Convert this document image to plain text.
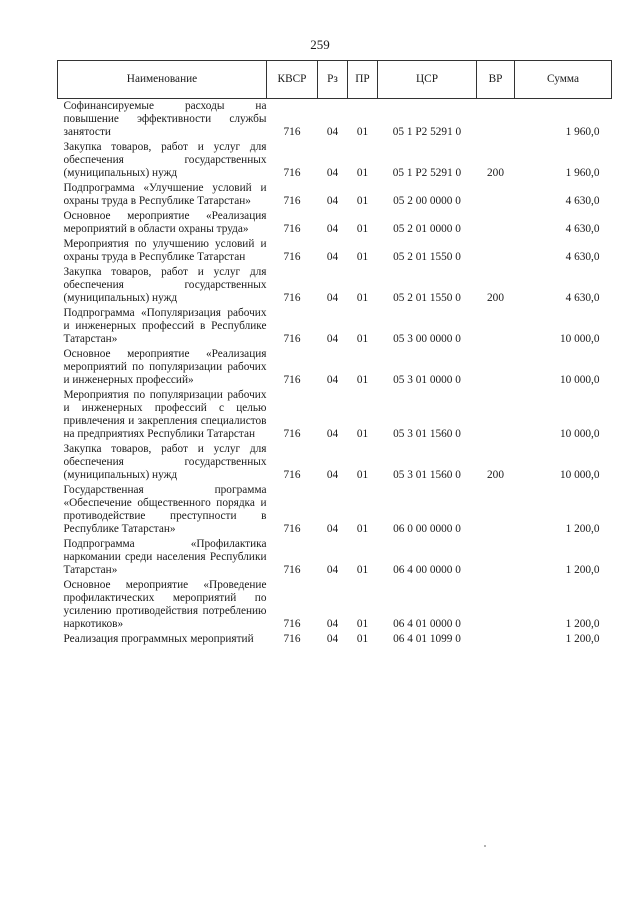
259
Наименование	КВСР	Рз	ПР	ЦСР	ВР	Сумма
Софинансируемые расходы на повышение эффективности службы занятости	716	04	01	05 1 Р2 5291 0		1 960,0
Закупка товаров, работ и услуг для обеспечения государственных (муниципальных) нужд	716	04	01	05 1 Р2 5291 0	200	1 960,0
Подпрограмма «Улучшение условий и охраны труда в Республике Татарстан»	716	04	01	05 2 00 0000 0		4 630,0
Основное мероприятие «Реализация мероприятий в области охраны труда»	716	04	01	05 2 01 0000 0		4 630,0
Мероприятия по улучшению условий и охраны труда в Республике Татарстан	716	04	01	05 2 01 1550 0		4 630,0
Закупка товаров, работ и услуг для обеспечения государственных (муниципальных) нужд	716	04	01	05 2 01 1550 0	200	4 630,0
Подпрограмма «Популяризация рабочих и инженерных профессий в Республике Татарстан»	716	04	01	05 3 00 0000 0		10 000,0
Основное мероприятие «Реализация мероприятий по популяризации рабочих и инженерных профессий»	716	04	01	05 3 01 0000 0		10 000,0
Мероприятия по популяризации рабочих и инженерных профессий с целью привлечения и закрепления специалистов на предприятиях Республики Татарстан	716	04	01	05 3 01 1560 0		10 000,0
Закупка товаров, работ и услуг для обеспечения государственных (муниципальных) нужд	716	04	01	05 3 01 1560 0	200	10 000,0
Государственная программа «Обеспечение общественного порядка и противодействие преступности в Республике Татарстан»	716	04	01	06 0 00 0000 0		1 200,0
Подпрограмма «Профилактика наркомании среди населения Республики Татарстан»	716	04	01	06 4 00 0000 0		1 200,0
Основное мероприятие «Проведение профилактических мероприятий по усилению противодействия потреблению наркотиков»	716	04	01	06 4 01 0000 0		1 200,0
Реализация программных мероприятий	716	04	01	06 4 01 1099 0		1 200,0
